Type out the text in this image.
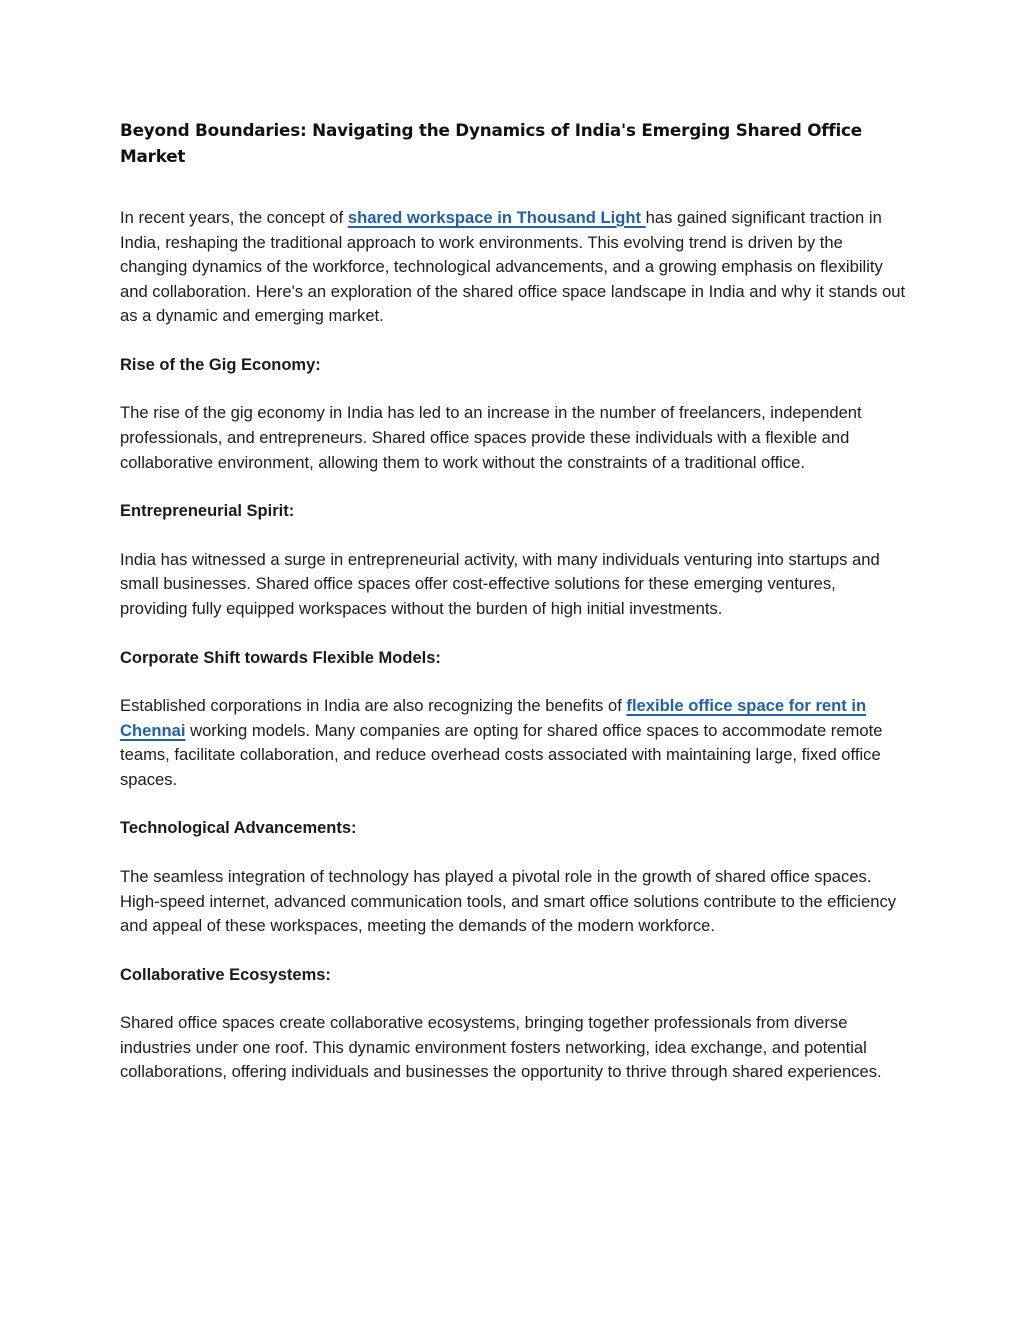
Beyond Boundaries: Navigating the Dynamics of India's Emerging Shared Office Market

In recent years, the concept of shared workspace in Thousand Light has gained significant traction in India, reshaping the traditional approach to work environments. This evolving trend is driven by the changing dynamics of the workforce, technological advancements, and a growing emphasis on flexibility and collaboration. Here's an exploration of the shared office space landscape in India and why it stands out as a dynamic and emerging market.

Rise of the Gig Economy:

The rise of the gig economy in India has led to an increase in the number of freelancers, independent professionals, and entrepreneurs. Shared office spaces provide these individuals with a flexible and collaborative environment, allowing them to work without the constraints of a traditional office.

Entrepreneurial Spirit:

India has witnessed a surge in entrepreneurial activity, with many individuals venturing into startups and small businesses. Shared office spaces offer cost-effective solutions for these emerging ventures, providing fully equipped workspaces without the burden of high initial investments.

Corporate Shift towards Flexible Models:

Established corporations in India are also recognizing the benefits of flexible office space for rent in Chennai working models. Many companies are opting for shared office spaces to accommodate remote teams, facilitate collaboration, and reduce overhead costs associated with maintaining large, fixed office spaces.

Technological Advancements:

The seamless integration of technology has played a pivotal role in the growth of shared office spaces. High-speed internet, advanced communication tools, and smart office solutions contribute to the efficiency and appeal of these workspaces, meeting the demands of the modern workforce.

Collaborative Ecosystems:

Shared office spaces create collaborative ecosystems, bringing together professionals from diverse industries under one roof. This dynamic environment fosters networking, idea exchange, and potential collaborations, offering individuals and businesses the opportunity to thrive through shared experiences.
